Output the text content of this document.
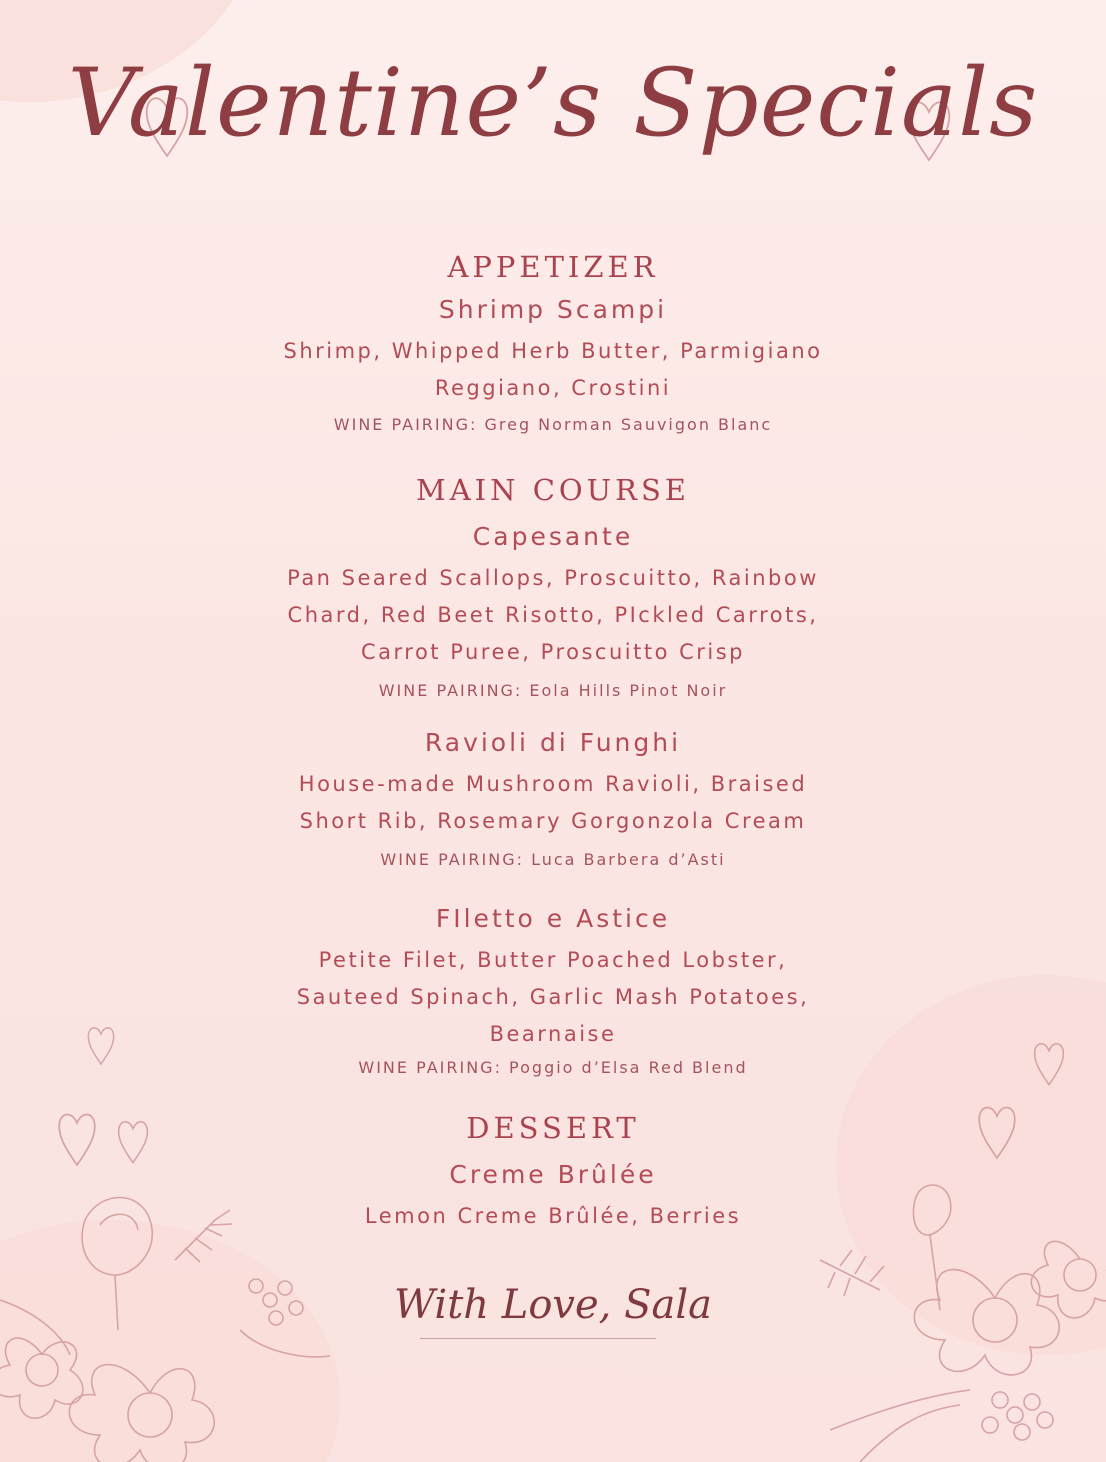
Valentine’s Specials

APPETIZER

Shrimp Scampi

Shrimp, Whipped Herb Butter, Parmigiano

Reggiano, Crostini

WINE PAIRING: Greg Norman Sauvigon Blanc

MAIN COURSE

Capesante

Pan Seared Scallops, Proscuitto, Rainbow

Chard, Red Beet Risotto, PIckled Carrots,

Carrot Puree, Proscuitto Crisp

WINE PAIRING: Eola Hills Pinot Noir

Ravioli di Funghi

House-made Mushroom Ravioli, Braised

Short Rib, Rosemary Gorgonzola Cream

WINE PAIRING: Luca Barbera d’Asti

FIletto e Astice

Petite Filet, Butter Poached Lobster,

Sauteed Spinach, Garlic Mash Potatoes,

Bearnaise

WINE PAIRING: Poggio d’Elsa Red Blend

DESSERT

Creme Brûlée

Lemon Creme Brûlée, Berries

With Love, Sala
